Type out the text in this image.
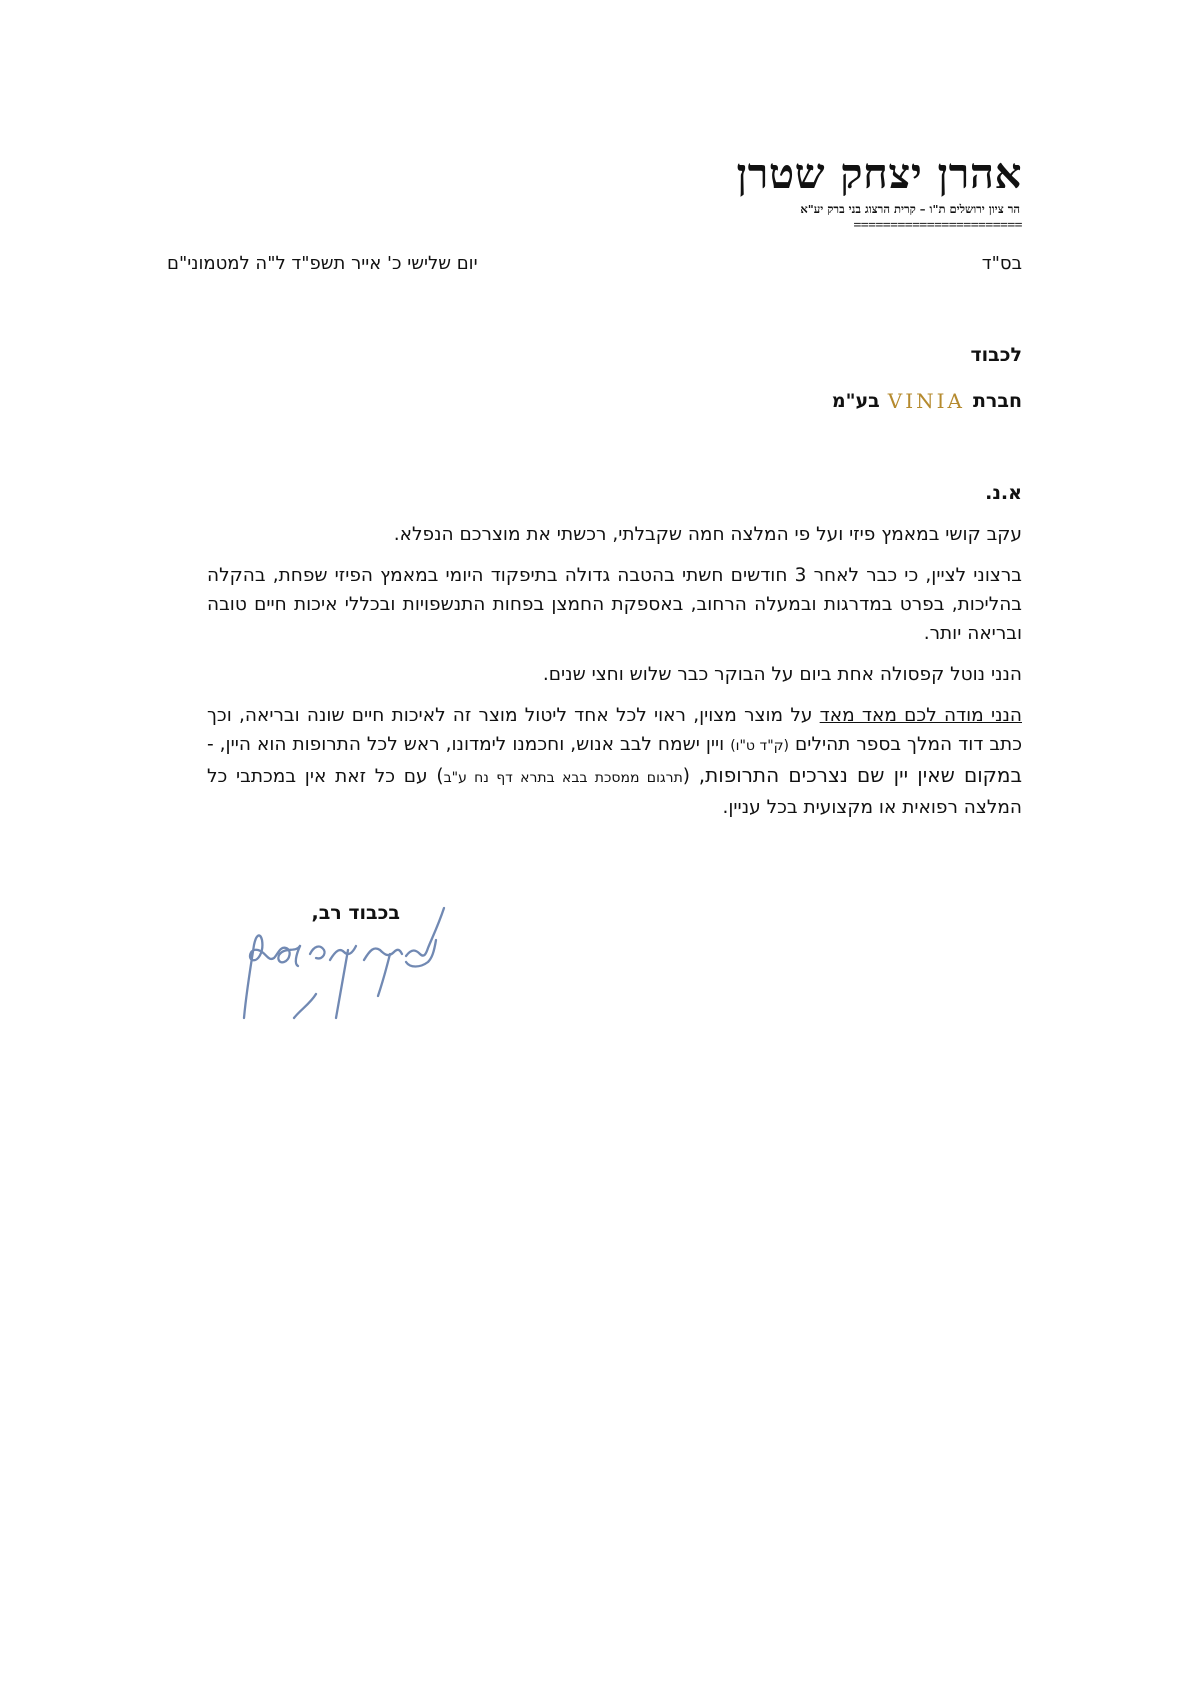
אהרן יצחק שטרן
הר ציון ירושלים ת"ו – קרית הרצוג בני ברק יע"א
=======================
בס"ד
יום שלישי כ' אייר תשפ"ד ל"ה למטמוני"ם
לכבוד
חברת
VINIA
בע"מ
א.נ.

עקב קושי במאמץ פיזי ועל פי המלצה חמה שקבלתי, רכשתי את מוצרכם הנפלא.

ברצוני לציין, כי כבר לאחר 3 חודשים חשתי בהטבה גדולה בתיפקוד היומי במאמץ הפיזי שפחת, בהקלה בהליכות, בפרט במדרגות ובמעלה הרחוב, באספקת החמצן בפחות התנשפויות ובכללי איכות חיים טובה ובריאה יותר.

הנני נוטל קפסולה אחת ביום על הבוקר כבר שלוש וחצי שנים.

הנני מודה לכם מאד מאד על מוצר מצוין, ראוי לכל אחד ליטול מוצר זה לאיכות חיים שונה ובריאה, וכך כתב דוד המלך בספר תהילים (ק"ד ט"ו) ויין ישמח לבב אנוש, וחכמנו לימדונו, ראש לכל התרופות הוא היין, - במקום שאין יין שם נצרכים התרופות, (תרגום ממסכת בבא בתרא דף נח ע"ב) עם כל זאת אין במכתבי כל המלצה רפואית או מקצועית בכל עניין.

בכבוד רב,
